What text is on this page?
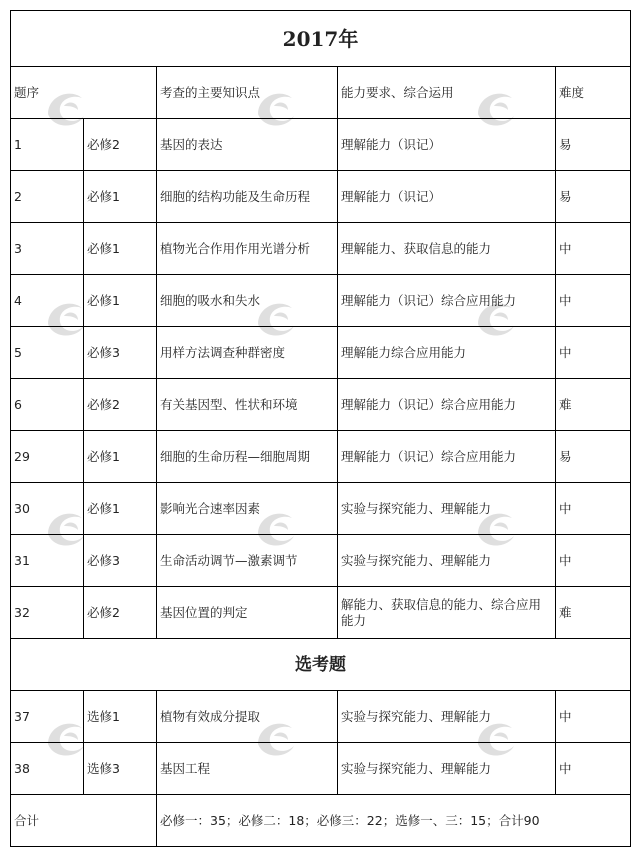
2017年				
题序		考查的主要知识点	能力要求、综合运用	难度
1	必修2	基因的表达	理解能力（识记）	易
2	必修1	细胞的结构功能及生命历程	理解能力（识记）	易
3	必修1	植物光合作用作用光谱分析	理解能力、获取信息的能力	中
4	必修1	细胞的吸水和失水	理解能力（识记）综合应用能力	中
5	必修3	用样方法调查种群密度	理解能力综合应用能力	中
6	必修2	有关基因型、性状和环境	理解能力（识记）综合应用能力	难
29	必修1	细胞的生命历程—细胞周期	理解能力（识记）综合应用能力	易
30	必修1	影响光合速率因素	实验与探究能力、理解能力	中
31	必修3	生命活动调节—激素调节	实验与探究能力、理解能力	中
32	必修2	基因位置的判定	解能力、获取信息的能力、综合应用能力	难
选考题				
37	选修1	植物有效成分提取	实验与探究能力、理解能力	中
38	选修3	基因工程	实验与探究能力、理解能力	中
合计		必修一：35；必修二：18；必修三：22；选修一、三：15；合计90		
